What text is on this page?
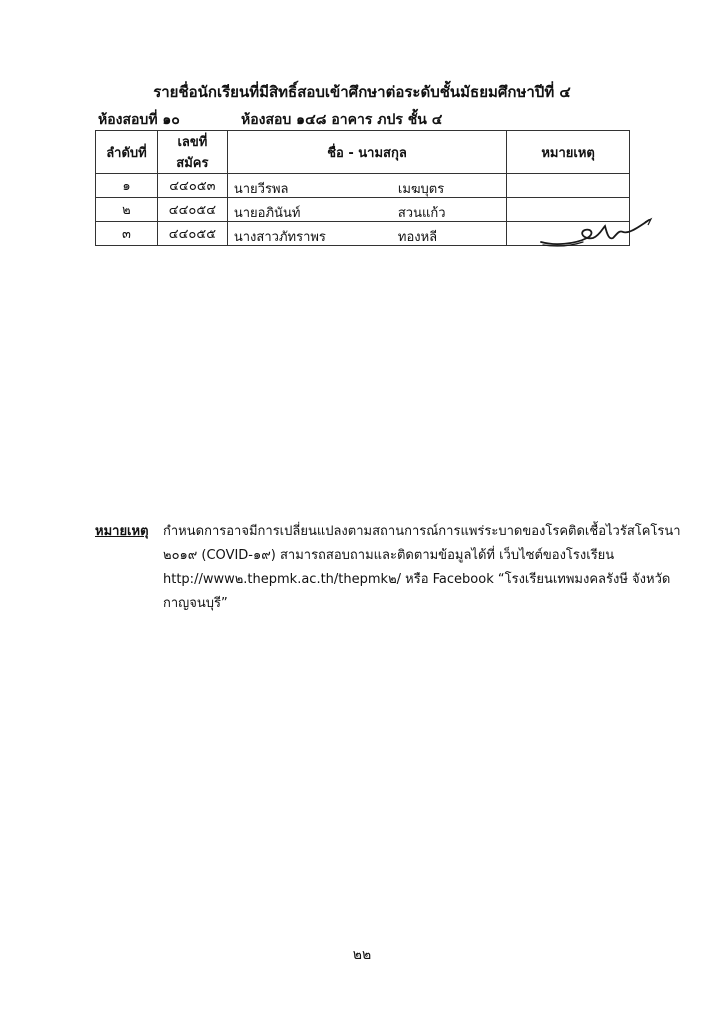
รายชื่อนักเรียนที่มีสิทธิ์สอบเข้าศึกษาต่อระดับชั้นมัธยมศึกษาปีที่ ๔
ห้องสอบที่ ๑๐	ห้องสอบ ๑๔๘ อาคาร ภปร ชั้น ๔
ลำดับที่	เลขที่สมัคร	ชื่อ - นามสกุล	หมายเหตุ
๑	๔๔๐๕๓	นายวีรพล เมฆบุตร	

๒	๔๔๐๕๔	นายอภินันท์ สวนแก้ว	

๓	๔๔๐๕๕	นางสาวภัทราพร ทองหลี

หมายเหตุ กำหนดการอาจมีการเปลี่ยนแปลงตามสถานการณ์การแพร่ระบาดของโรคติดเชื้อไวรัสโคโรนา
๒๐๑๙ (COVID-๑๙) สามารถสอบถามและติดตามข้อมูลได้ที่ เว็บไซต์ของโรงเรียน
http://www๒.thepmk.ac.th/thepmk๒/ หรือ Facebook “โรงเรียนเทพมงคลรังษี จังหวัด
กาญจนบุรี”
๒๒
